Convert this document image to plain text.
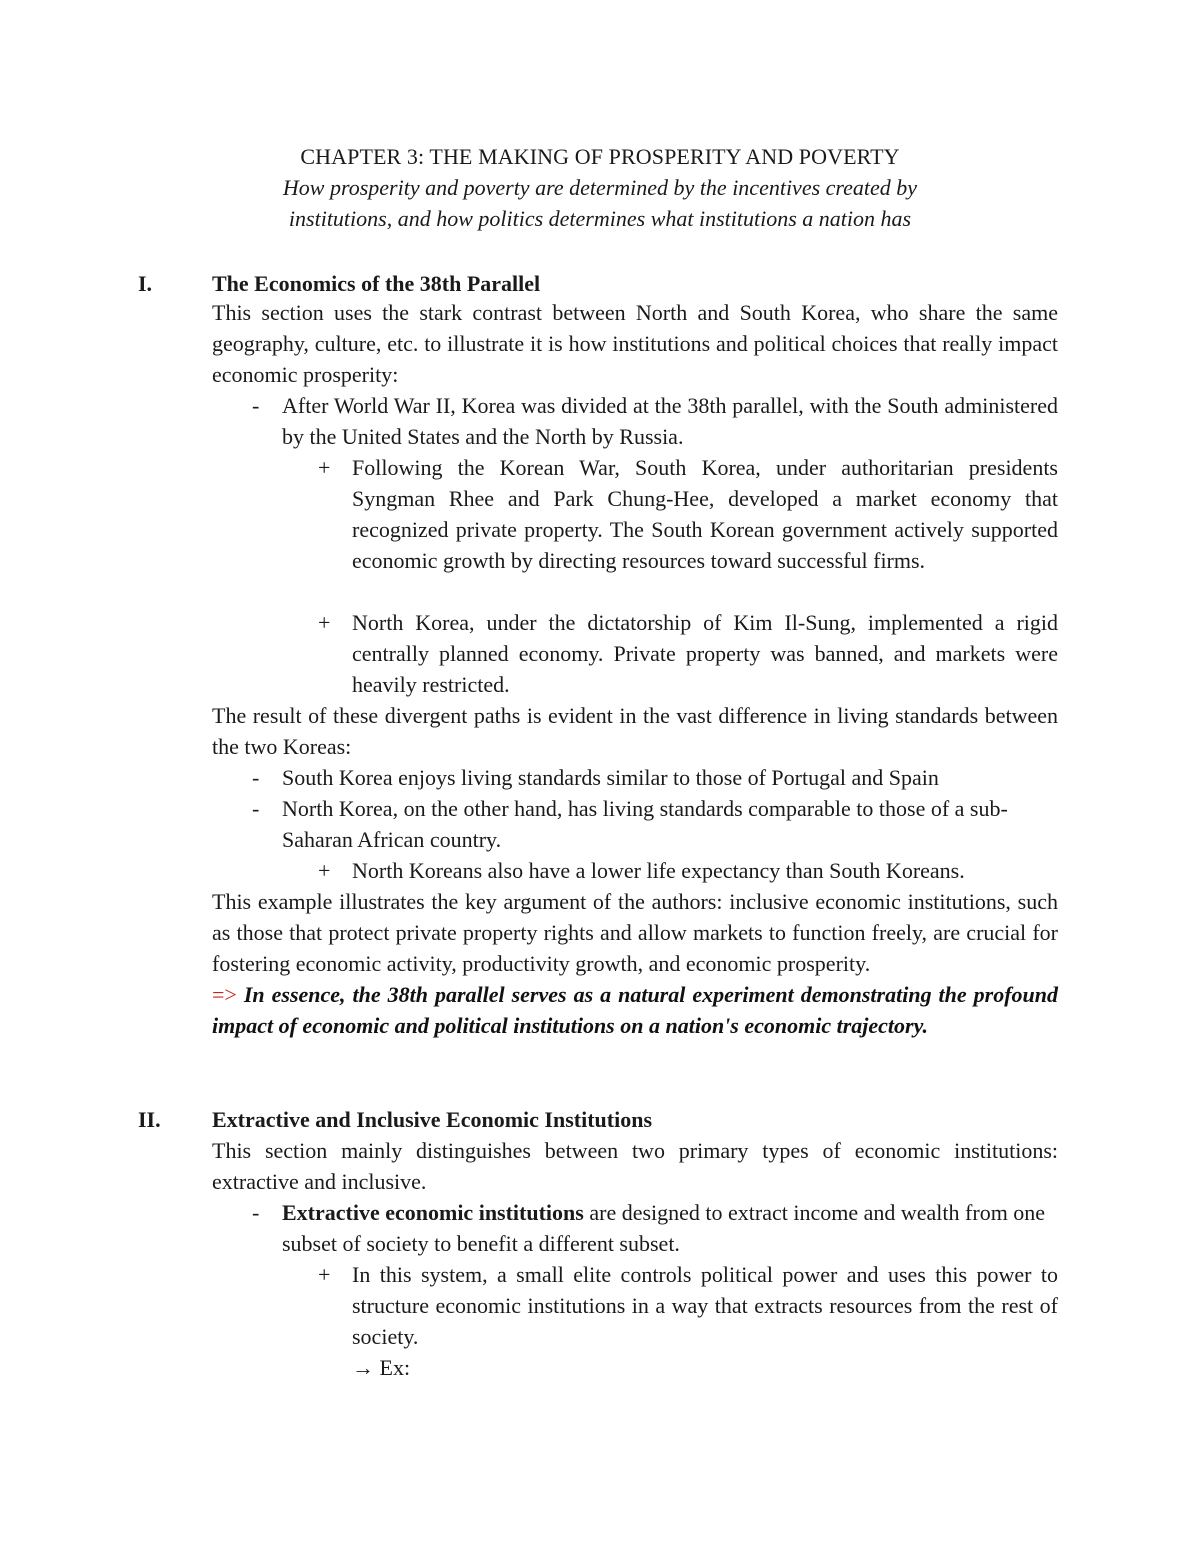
CHAPTER 3: THE MAKING OF PROSPERITY AND POVERTY
How prosperity and poverty are determined by the incentives created by
institutions, and how politics determines what institutions a nation has
I.	The Economics of the 38th Parallel
This section uses the stark contrast between North and South Korea, who share the same geography, culture, etc. to illustrate it is how institutions and political choices that really impact economic prosperity:
- After World War II, Korea was divided at the 38th parallel, with the South administered by the United States and the North by Russia.
+ Following the Korean War, South Korea, under authoritarian presidents Syngman Rhee and Park Chung-Hee, developed a market economy that recognized private property. The South Korean government actively supported economic growth by directing resources toward successful firms.
+ North Korea, under the dictatorship of Kim Il-Sung, implemented a rigid centrally planned economy. Private property was banned, and markets were heavily restricted.
The result of these divergent paths is evident in the vast difference in living standards between the two Koreas:
- South Korea enjoys living standards similar to those of Portugal and Spain
- North Korea, on the other hand, has living standards comparable to those of a sub-Saharan African country.
+ North Koreans also have a lower life expectancy than South Koreans.
This example illustrates the key argument of the authors: inclusive economic institutions, such as those that protect private property rights and allow markets to function freely, are crucial for fostering economic activity, productivity growth, and economic prosperity.
=> In essence, the 38th parallel serves as a natural experiment demonstrating the profound impact of economic and political institutions on a nation's economic trajectory.
II. Extractive and Inclusive Economic Institutions
This section mainly distinguishes between two primary types of economic institutions: extractive and inclusive.
- Extractive economic institutions are designed to extract income and wealth from one subset of society to benefit a different subset.
+ In this system, a small elite controls political power and uses this power to structure economic institutions in a way that extracts resources from the rest of society.
→ Ex:
